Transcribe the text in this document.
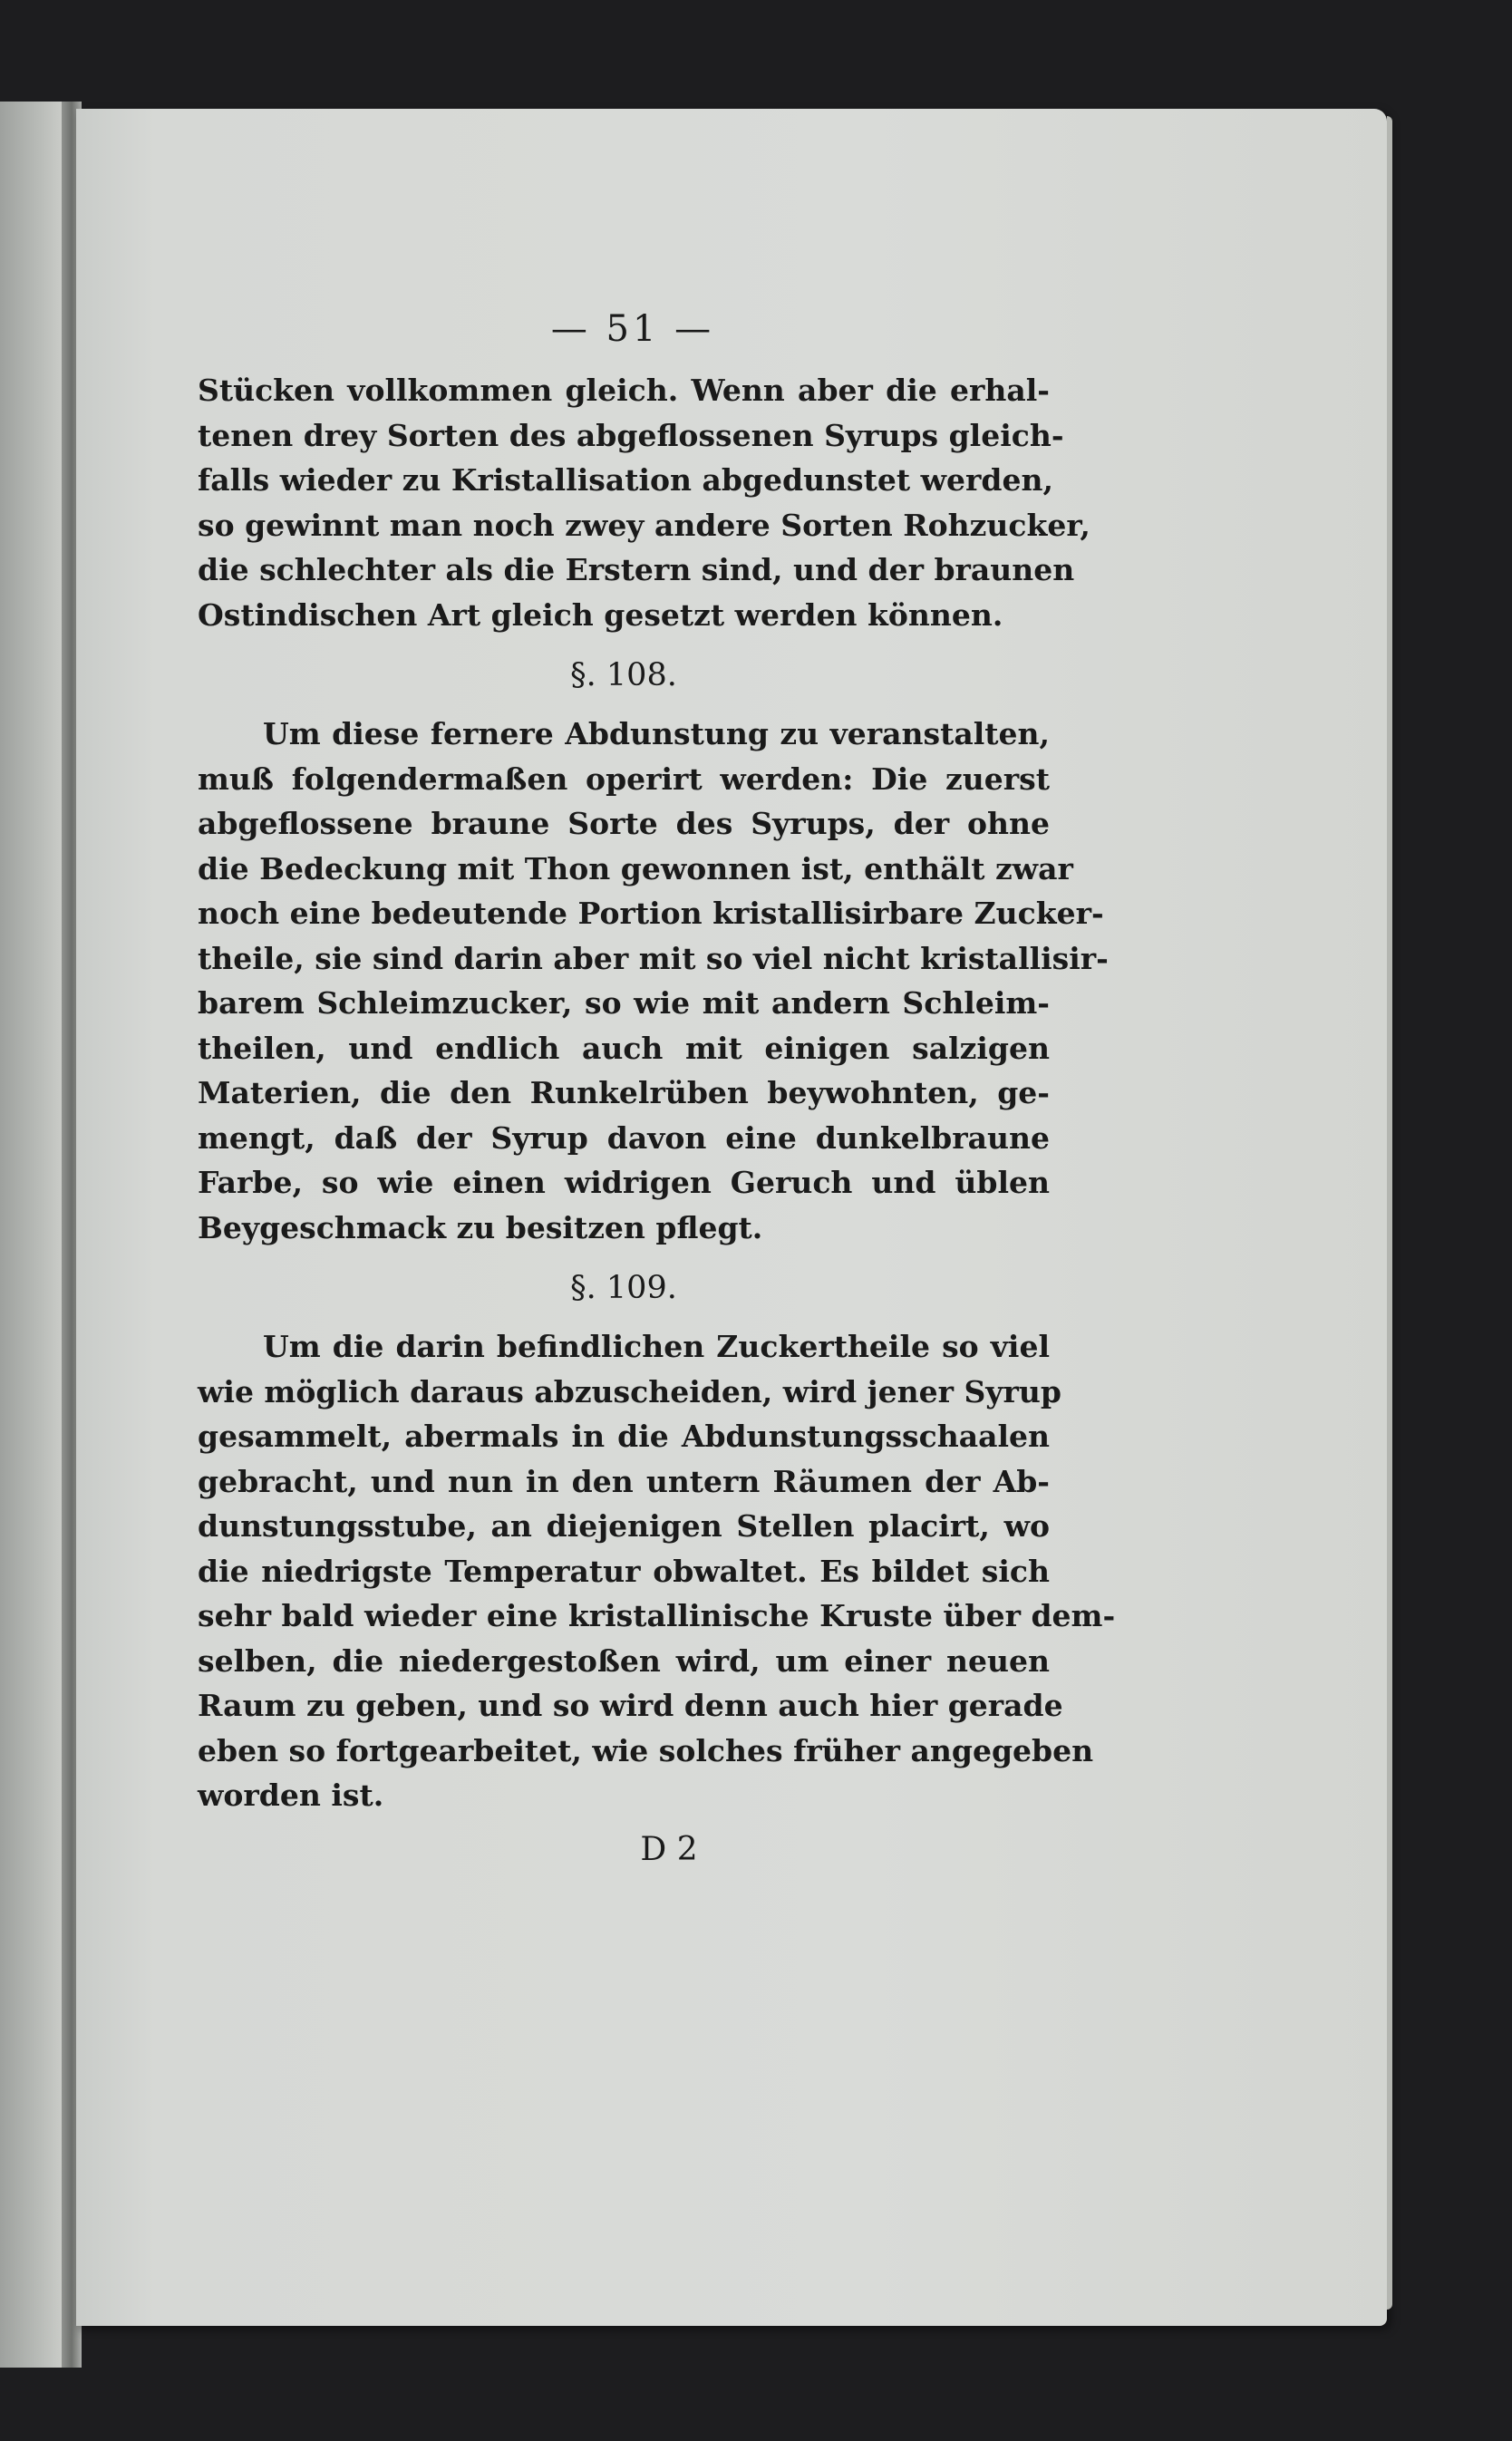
— 51 —
Stücken vollkommen gleich. Wenn aber die erhal-
tenen drey Sorten des abgeflossenen Syrups gleich-
falls wieder zu Kristallisation abgedunstet werden,
so gewinnt man noch zwey andere Sorten Rohzucker,
die schlechter als die Erstern sind, und der braunen
Ostindischen Art gleich gesetzt werden können.
§. 108.
Um diese fernere Abdunstung zu veranstalten,
muß folgendermaßen operirt werden: Die zuerst
abgeflossene braune Sorte des Syrups, der ohne
die Bedeckung mit Thon gewonnen ist, enthält zwar
noch eine bedeutende Portion kristallisirbare Zucker-
theile, sie sind darin aber mit so viel nicht kristallisir-
barem Schleimzucker, so wie mit andern Schleim-
theilen, und endlich auch mit einigen salzigen
Materien, die den Runkelrüben beywohnten, ge-
mengt, daß der Syrup davon eine dunkelbraune
Farbe, so wie einen widrigen Geruch und üblen
Beygeschmack zu besitzen pflegt.
§. 109.
Um die darin befindlichen Zuckertheile so viel
wie möglich daraus abzuscheiden, wird jener Syrup
gesammelt, abermals in die Abdunstungsschaalen
gebracht, und nun in den untern Räumen der Ab-
dunstungsstube, an diejenigen Stellen placirt, wo
die niedrigste Temperatur obwaltet. Es bildet sich
sehr bald wieder eine kristallinische Kruste über dem-
selben, die niedergestoßen wird, um einer neuen
Raum zu geben, und so wird denn auch hier gerade
eben so fortgearbeitet, wie solches früher angegeben
worden ist.
D 2
